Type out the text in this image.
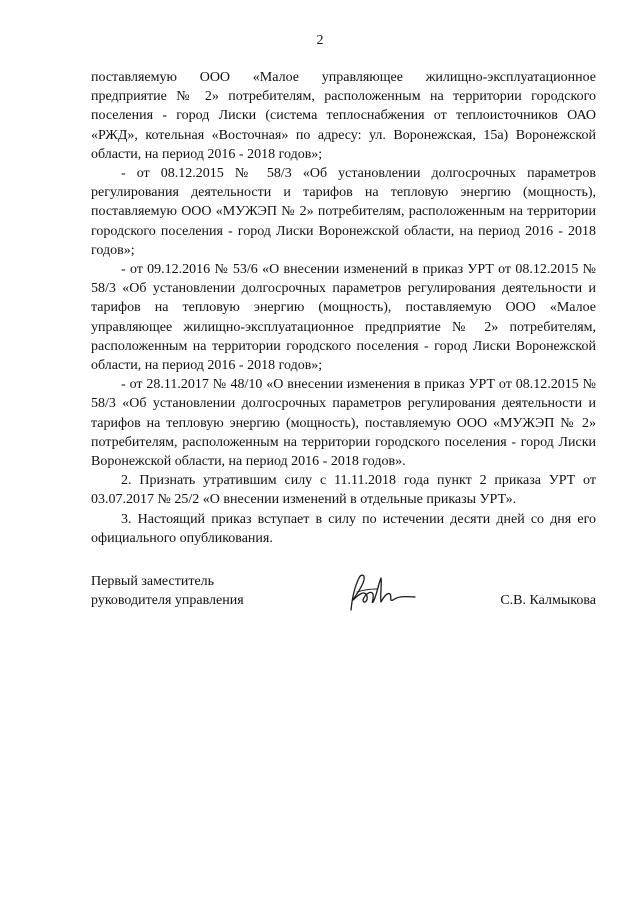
2

поставляемую ООО «Малое управляющее жилищно-эксплуатационное предприятие № 2» потребителям, расположенным на территории городского поселения - город Лиски (система теплоснабжения от теплоисточников ОАО «РЖД», котельная «Восточная» по адресу: ул. Воронежская, 15а) Воронежской области, на период 2016 - 2018 годов»;

- от 08.12.2015 № 58/3 «Об установлении долгосрочных параметров регулирования деятельности и тарифов на тепловую энергию (мощность), поставляемую ООО «МУЖЭП № 2» потребителям, расположенным на территории городского поселения - город Лиски Воронежской области, на период 2016 - 2018 годов»;

- от 09.12.2016 № 53/6 «О внесении изменений в приказ УРТ от 08.12.2015 № 58/3 «Об установлении долгосрочных параметров регулирования деятельности и тарифов на тепловую энергию (мощность), поставляемую ООО «Малое управляющее жилищно-эксплуатационное предприятие № 2» потребителям, расположенным на территории городского поселения - город Лиски Воронежской области, на период 2016 - 2018 годов»;

- от 28.11.2017 № 48/10 «О внесении изменения в приказ УРТ от 08.12.2015 № 58/3 «Об установлении долгосрочных параметров регулирования деятельности и тарифов на тепловую энергию (мощность), поставляемую ООО «МУЖЭП № 2» потребителям, расположенным на территории городского поселения - город Лиски Воронежской области, на период 2016 - 2018 годов».

2. Признать утратившим силу с 11.11.2018 года пункт 2 приказа УРТ от 03.07.2017 № 25/2 «О внесении изменений в отдельные приказы УРТ».

3. Настоящий приказ вступает в силу по истечении десяти дней со дня его официального опубликования.

Первый заместитель
руководителя управления	С.В. Калмыкова
